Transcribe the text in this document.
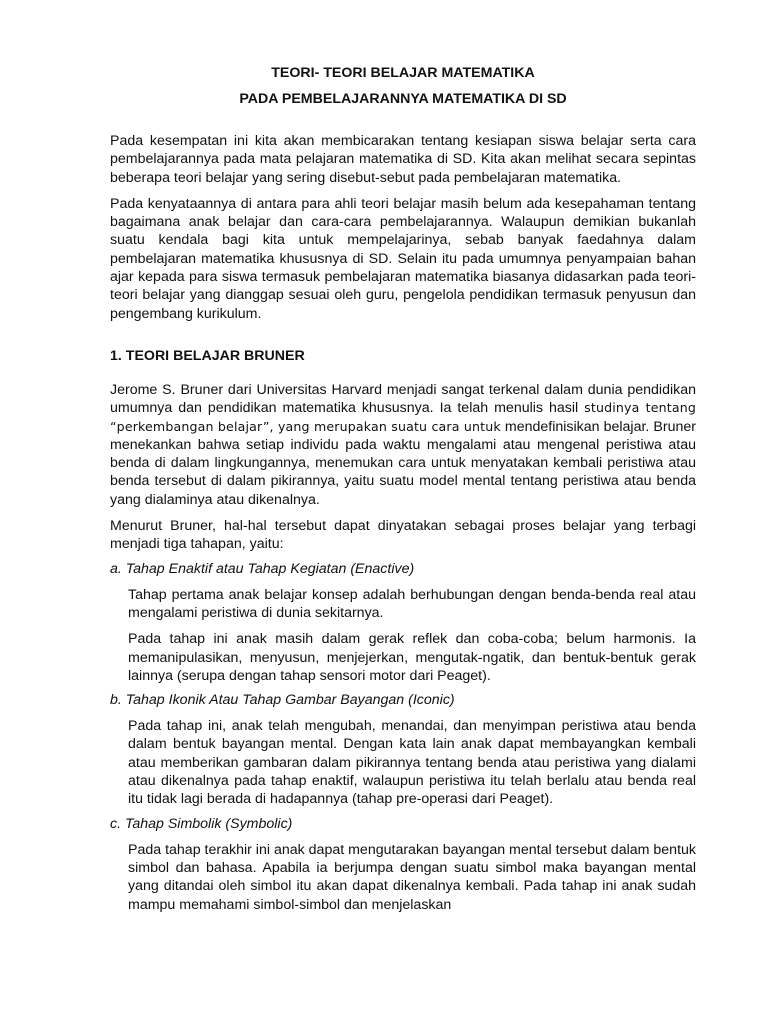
TEORI- TEORI BELAJAR MATEMATIKA
PADA PEMBELAJARANNYA MATEMATIKA DI SD

Pada kesempatan ini kita akan membicarakan tentang kesiapan siswa belajar serta cara pembelajarannya pada mata pelajaran matematika di SD. Kita akan melihat secara sepintas beberapa teori belajar yang sering disebut-sebut pada pembelajaran matematika.

Pada kenyataannya di antara para ahli teori belajar masih belum ada kesepahaman tentang bagaimana anak belajar dan cara-cara pembelajarannya. Walaupun demikian bukanlah suatu kendala bagi kita untuk mempelajarinya, sebab banyak faedahnya dalam pembelajaran matematika khususnya di SD. Selain itu pada umumnya penyampaian bahan ajar kepada para siswa termasuk pembelajaran matematika biasanya didasarkan pada teori-teori belajar yang dianggap sesuai oleh guru, pengelola pendidikan termasuk penyusun dan pengembang kurikulum.

1. TEORI BELAJAR BRUNER

Jerome S. Bruner dari Universitas Harvard menjadi sangat terkenal dalam dunia pendidikan umumnya dan pendidikan matematika khususnya. Ia telah menulis hasil studinya tentang “perkembangan belajar”, yang merupakan suatu cara untuk mendefinisikan belajar. Bruner menekankan bahwa setiap individu pada waktu mengalami atau mengenal peristiwa atau benda di dalam lingkungannya, menemukan cara untuk menyatakan kembali peristiwa atau benda tersebut di dalam pikirannya, yaitu suatu model mental tentang peristiwa atau benda yang dialaminya atau dikenalnya.

Menurut Bruner, hal-hal tersebut dapat dinyatakan sebagai proses belajar yang terbagi menjadi tiga tahapan, yaitu:

a. Tahap Enaktif atau Tahap Kegiatan (Enactive)

Tahap pertama anak belajar konsep adalah berhubungan dengan benda-benda real atau mengalami peristiwa di dunia sekitarnya.

Pada tahap ini anak masih dalam gerak reflek dan coba-coba; belum harmonis. Ia memanipulasikan, menyusun, menjejerkan, mengutak-ngatik, dan bentuk-bentuk gerak lainnya (serupa dengan tahap sensori motor dari Peaget).

b. Tahap Ikonik Atau Tahap Gambar Bayangan (Iconic)

Pada tahap ini, anak telah mengubah, menandai, dan menyimpan peristiwa atau benda dalam bentuk bayangan mental. Dengan kata lain anak dapat membayangkan kembali atau memberikan gambaran dalam pikirannya tentang benda atau peristiwa yang dialami atau dikenalnya pada tahap enaktif, walaupun peristiwa itu telah berlalu atau benda real itu tidak lagi berada di hadapannya (tahap pre-operasi dari Peaget).

c. Tahap Simbolik (Symbolic)

Pada tahap terakhir ini anak dapat mengutarakan bayangan mental tersebut dalam bentuk simbol dan bahasa. Apabila ia berjumpa dengan suatu simbol maka bayangan mental yang ditandai oleh simbol itu akan dapat dikenalnya kembali. Pada tahap ini anak sudah mampu memahami simbol-simbol dan menjelaskan
